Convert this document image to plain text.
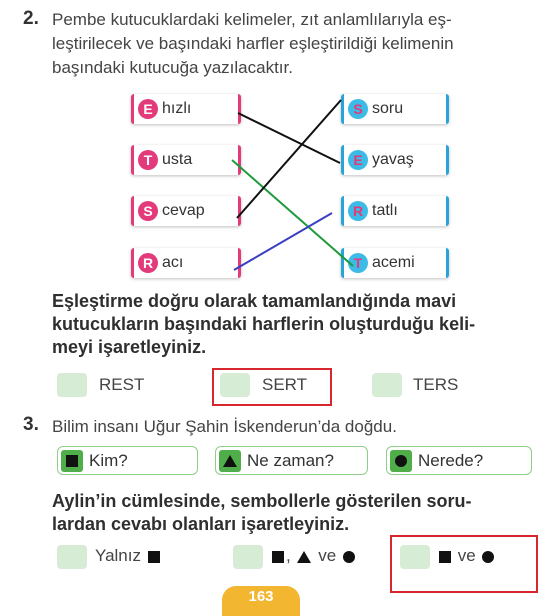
2. Pembe kutucuklardaki kelimeler, zıt anlamlılarıyla eş-
leştirilecek ve başındaki harfler eşleştirildiği kelimenin
başındaki kutucuğa yazılacaktır.
E hızlı
T usta
S cevap
R acı
S soru
E yavaş
R tatlı
T acemi
Eşleştirme doğru olarak tamamlandığında mavi
kutucukların başındaki harflerin oluşturduğu keli-
meyi işaretleyiniz.
REST	SERT	TERS
3. Bilim insanı Uğur Şahin İskenderun’da doğdu.
Kim?	Ne zaman?	Nerede?
Aylin’in cümlesinde, sembollerle gösterilen soru-
lardan cevabı olanları işaretleyiniz.
Yalnız	, ve	ve
163
